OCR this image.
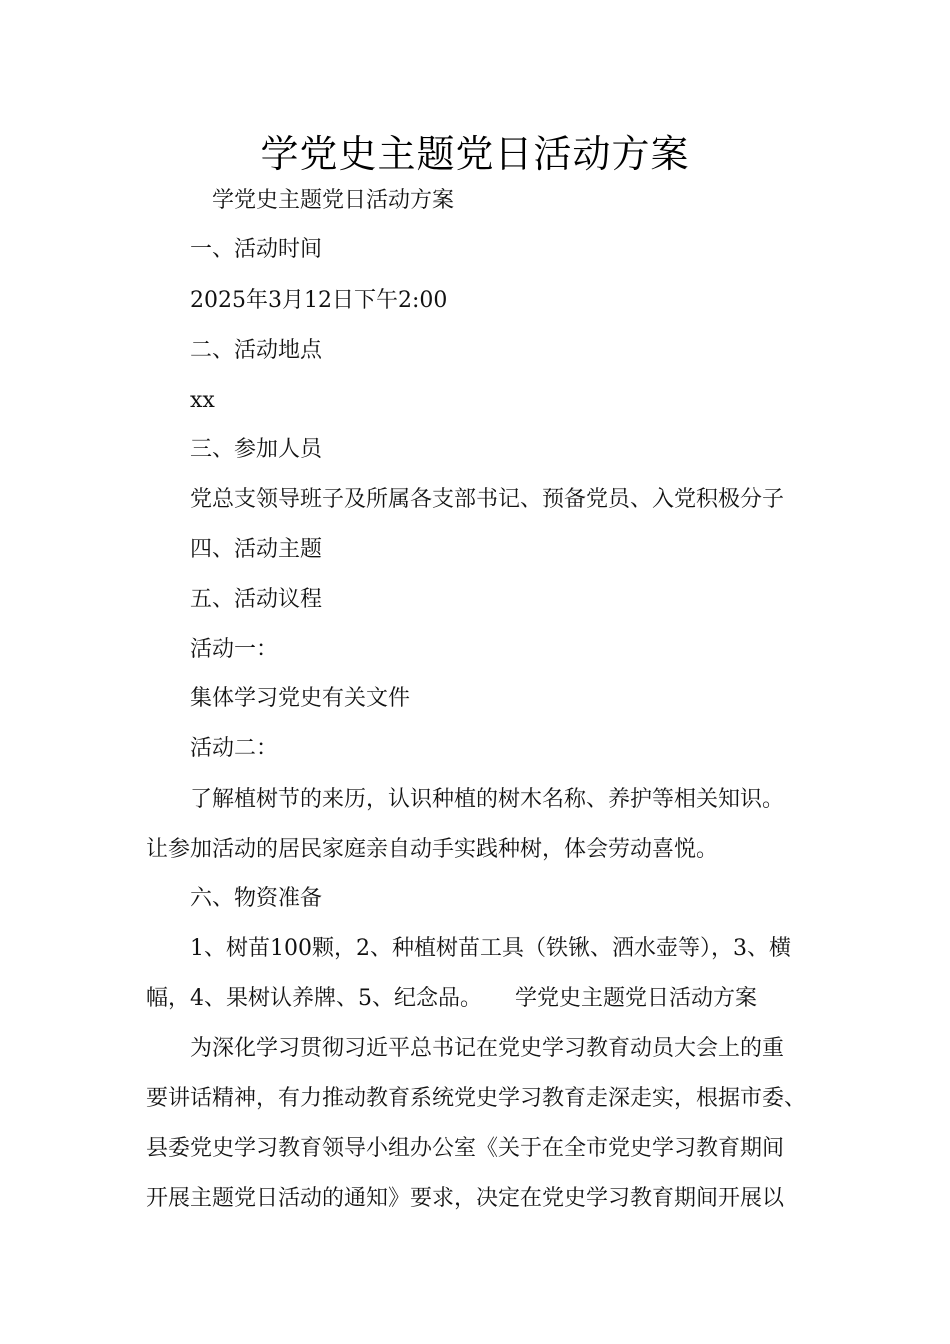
学党史主题党日活动方案
学党史主题党日活动方案
一、活动时间
2025年3月12日下午2:00
二、活动地点
xx
三、参加人员
党总支领导班子及所属各支部书记、预备党员、入党积极分子
四、活动主题
五、活动议程
活动一：
集体学习党史有关文件
活动二：
了解植树节的来历，认识种植的树木名称、养护等相关知识。
让参加活动的居民家庭亲自动手实践种树，体会劳动喜悦。
六、物资准备
1、树苗100颗，2、种植树苗工具（铁锹、洒水壶等），3、横
幅，4、果树认养牌、5、纪念品。　　学党史主题党日活动方案
为深化学习贯彻习近平总书记在党史学习教育动员大会上的重
要讲话精神，有力推动教育系统党史学习教育走深走实，根据市委、
县委党史学习教育领导小组办公室《关于在全市党史学习教育期间
开展主题党日活动的通知》要求，决定在党史学习教育期间开展以
